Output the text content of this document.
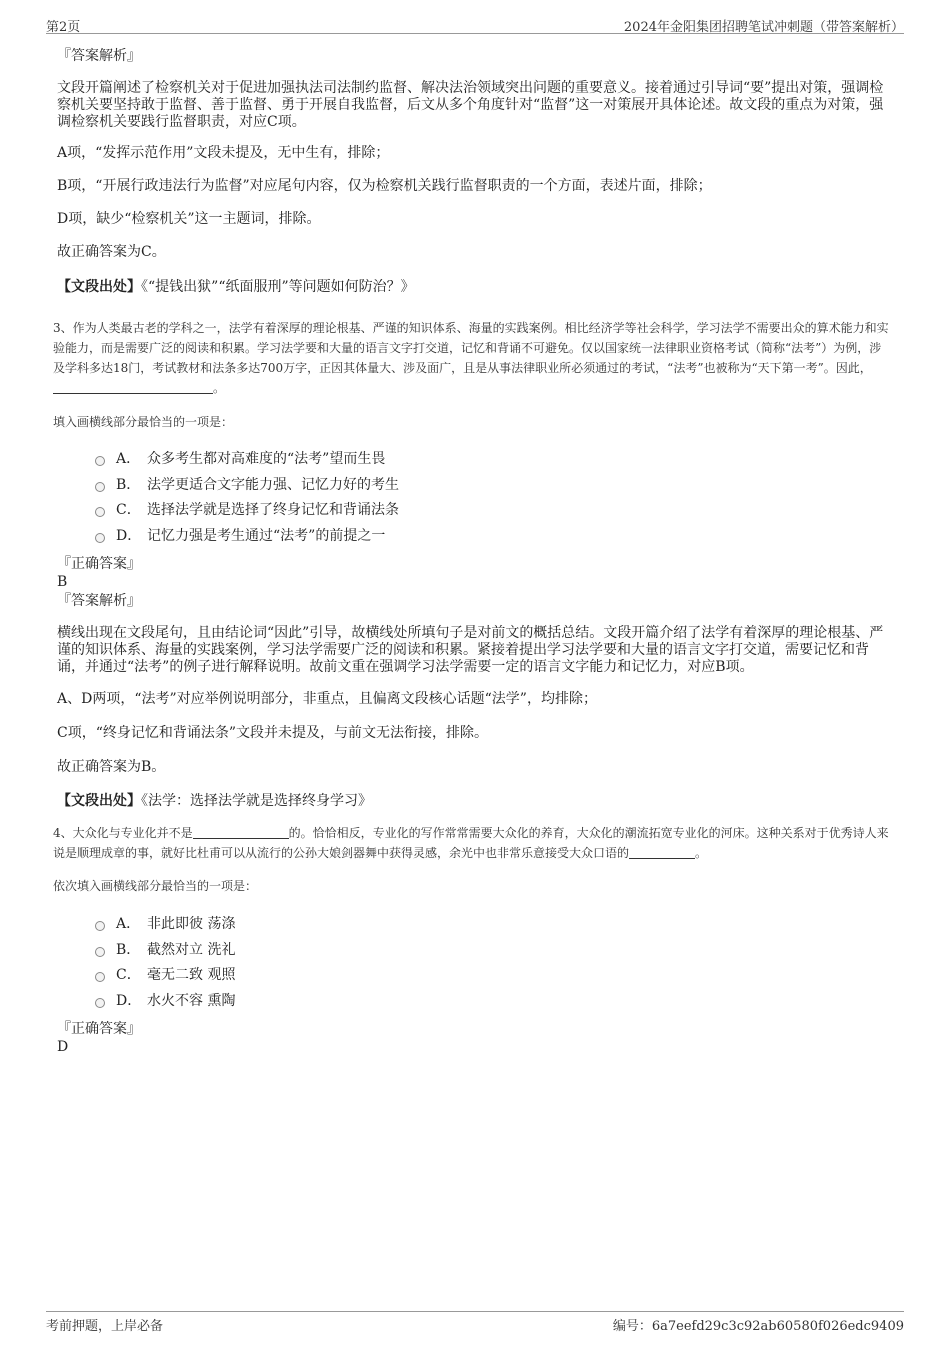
第2页	2024年金阳集团招聘笔试冲刺题（带答案解析）
『答案解析』

文段开篇阐述了检察机关对于促进加强执法司法制约监督、解决法治领域突出问题的重要意义。接着通过引导词“要”提出对策，强调检察机关要坚持敢于监督、善于监督、勇于开展自我监督，后文从多个角度针对“监督”这一对策展开具体论述。故文段的重点为对策，强调检察机关要践行监督职责，对应C项。

A项，“发挥示范作用”文段未提及，无中生有，排除；

B项，“开展行政违法行为监督”对应尾句内容，仅为检察机关践行监督职责的一个方面，表述片面，排除；

D项，缺少“检察机关”这一主题词，排除。

故正确答案为C。

【文段出处】《“提钱出狱”“纸面服刑”等问题如何防治？》

3、作为人类最古老的学科之一，法学有着深厚的理论根基、严谨的知识体系、海量的实践案例。相比经济学等社会科学，学习法学不需要出众的算术能力和实验能力，而是需要广泛的阅读和积累。学习法学要和大量的语言文字打交道，记忆和背诵不可避免。仅以国家统一法律职业资格考试（简称“法考”）为例，涉及学科多达18门，考试教材和法条多达700万字，正因其体量大、涉及面广，且是从事法律职业所必须通过的考试，“法考”也被称为“天下第一考”。因此，。

填入画横线部分最恰当的一项是：

A． 众多考生都对高难度的“法考”望而生畏
B． 法学更适合文字能力强、记忆力好的考生
C． 选择法学就是选择了终身记忆和背诵法条
D． 记忆力强是考生通过“法考”的前提之一
『正确答案』
B
『答案解析』

横线出现在文段尾句，且由结论词“因此”引导，故横线处所填句子是对前文的概括总结。文段开篇介绍了法学有着深厚的理论根基、严谨的知识体系、海量的实践案例，学习法学需要广泛的阅读和积累。紧接着提出学习法学要和大量的语言文字打交道，需要记忆和背诵，并通过“法考”的例子进行解释说明。故前文重在强调学习法学需要一定的语言文字能力和记忆力，对应B项。

A、D两项，“法考”对应举例说明部分，非重点，且偏离文段核心话题“法学”，均排除；

C项，“终身记忆和背诵法条”文段并未提及，与前文无法衔接，排除。

故正确答案为B。

【文段出处】《法学：选择法学就是选择终身学习》

4、大众化与专业化并不是	的。恰恰相反，专业化的写作常常需要大众化的养育，大众化的潮流拓宽专业化的河床。这种关系对于优秀诗人来说是顺理成章的事，就好比杜甫可以从流行的公孙大娘剑器舞中获得灵感，余光中也非常乐意接受大众口语的	。

依次填入画横线部分最恰当的一项是：

A． 非此即彼 荡涤
B． 截然对立 洗礼
C． 毫无二致 观照
D． 水火不容 熏陶
『正确答案』
D
考前押题，上岸必备	编号：6a7eefd29c3c92ab60580f026edc9409
